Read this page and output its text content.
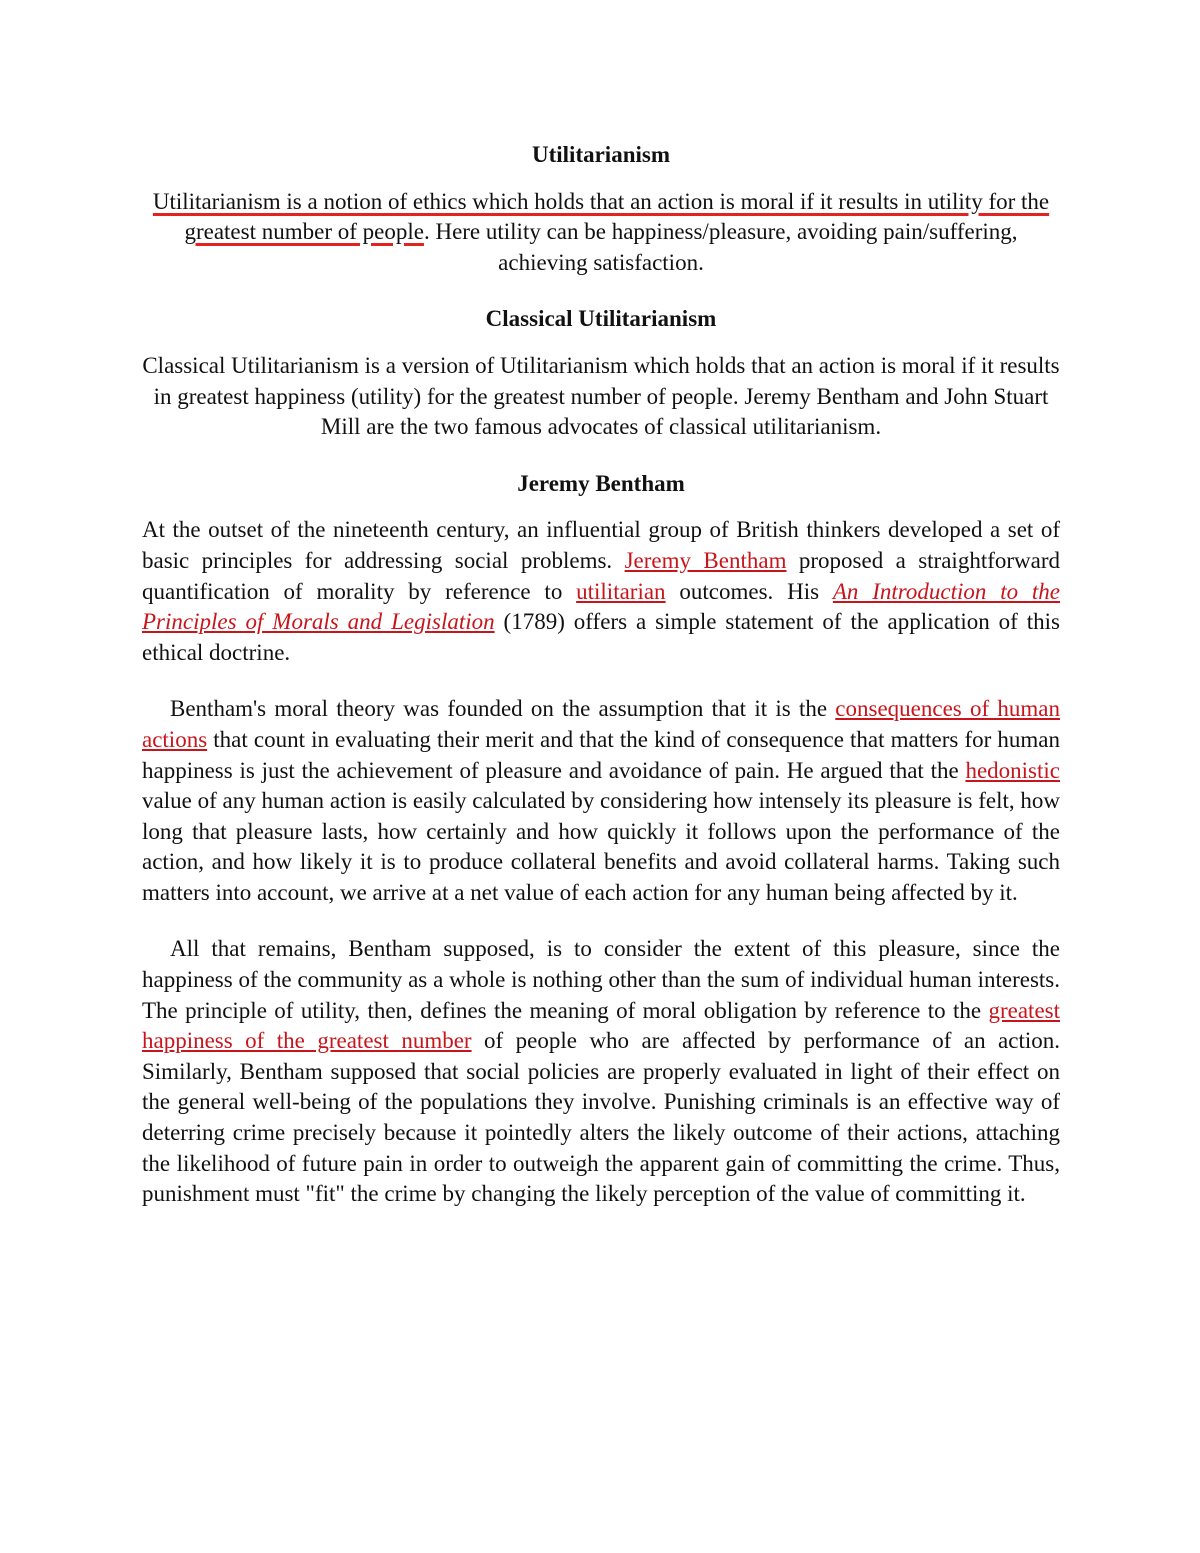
Utilitarianism

Utilitarianism is a notion of ethics which holds that an action is moral if it results in utility for the greatest number of people. Here utility can be happiness/pleasure, avoiding pain/suffering, achieving satisfaction.

Classical Utilitarianism

Classical Utilitarianism is a version of Utilitarianism which holds that an action is moral if it results in greatest happiness (utility) for the greatest number of people. Jeremy Bentham and John Stuart Mill are the two famous advocates of classical utilitarianism.

Jeremy Bentham

At the outset of the nineteenth century, an influential group of British thinkers developed a set of basic principles for addressing social problems. Jeremy Bentham proposed a straightforward quantification of morality by reference to utilitarian outcomes. His An Introduction to the Principles of Morals and Legislation (1789) offers a simple statement of the application of this ethical doctrine.

Bentham's moral theory was founded on the assumption that it is the consequences of human actions that count in evaluating their merit and that the kind of consequence that matters for human happiness is just the achievement of pleasure and avoidance of pain. He argued that the hedonistic value of any human action is easily calculated by considering how intensely its pleasure is felt, how long that pleasure lasts, how certainly and how quickly it follows upon the performance of the action, and how likely it is to produce collateral benefits and avoid collateral harms. Taking such matters into account, we arrive at a net value of each action for any human being affected by it.

All that remains, Bentham supposed, is to consider the extent of this pleasure, since the happiness of the community as a whole is nothing other than the sum of individual human interests. The principle of utility, then, defines the meaning of moral obligation by reference to the greatest happiness of the greatest number of people who are affected by performance of an action. Similarly, Bentham supposed that social policies are properly evaluated in light of their effect on the general well-being of the populations they involve. Punishing criminals is an effective way of deterring crime precisely because it pointedly alters the likely outcome of their actions, attaching the likelihood of future pain in order to outweigh the apparent gain of committing the crime. Thus, punishment must "fit" the crime by changing the likely perception of the value of committing it.
